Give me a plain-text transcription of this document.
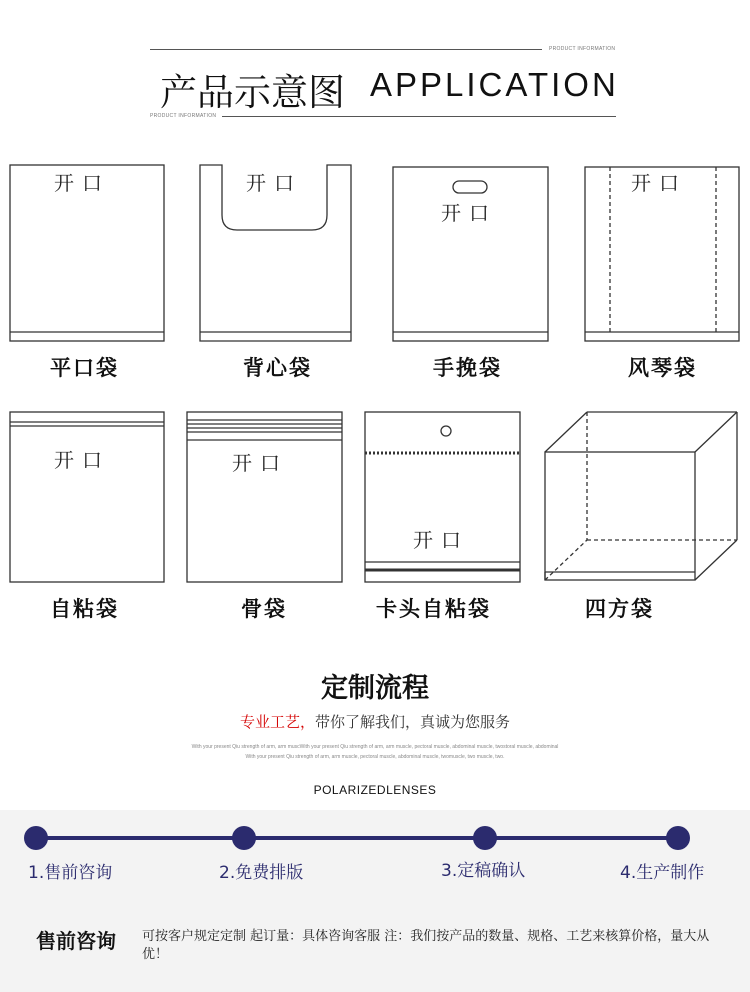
PRODUCT INFORMATION
产品示意图 APPLICATION
PRODUCT INFORMATION
开口	开口
开口
开口
开口	开口
开口
平口袋	背心袋	手挽袋	风琴袋
自粘袋	骨袋	卡头自粘袋	四方袋
定制流程
专业工艺，带你了解我们，真诚为您服务
With your present Qiu strength of arm, arm muscWith your present Qiu strength of arm, arm muscle, pectoral muscle, abdominal muscle, twostoral muscle, abdominal
With your present Qiu strength of arm, arm muscle, pectoral muscle, abdominal muscle, twomuscle, two muscle, two.
POLARIZEDLENSES
1.售前咨询	2.免费排版	3.定稿确认	4.生产制作
售前咨询 可按客户规定定制 起订量：具体咨询客服 注：我们按产品的数量、规格、工艺来核算价格，量大从优！
